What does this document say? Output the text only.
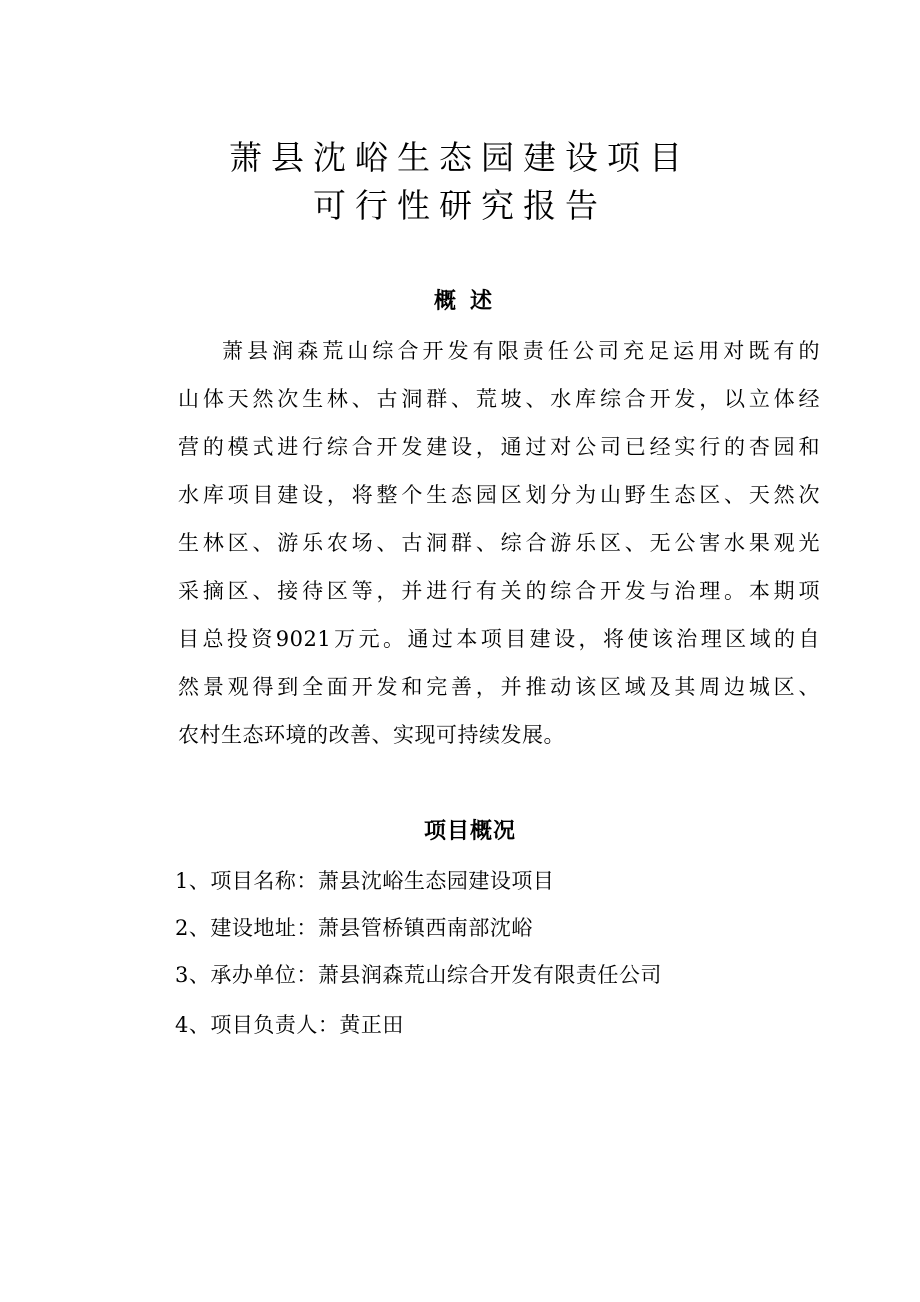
萧县沈峪生态园建设项目
可行性研究报告
概述
萧县润森荒山综合开发有限责任公司充足运用对既有的
山体天然次生林、古洞群、荒坡、水库综合开发，以立体经
营的模式进行综合开发建设，通过对公司已经实行的杏园和
水库项目建设，将整个生态园区划分为山野生态区、天然次
生林区、游乐农场、古洞群、综合游乐区、无公害水果观光
采摘区、接待区等，并进行有关的综合开发与治理。本期项
目总投资9021万元。通过本项目建设，将使该治理区域的自
然景观得到全面开发和完善，并推动该区域及其周边城区、
农村生态环境的改善、实现可持续发展。
项目概况
1、项目名称：萧县沈峪生态园建设项目
2、建设地址：萧县管桥镇西南部沈峪
3、承办单位：萧县润森荒山综合开发有限责任公司
4、项目负责人：黄正田
